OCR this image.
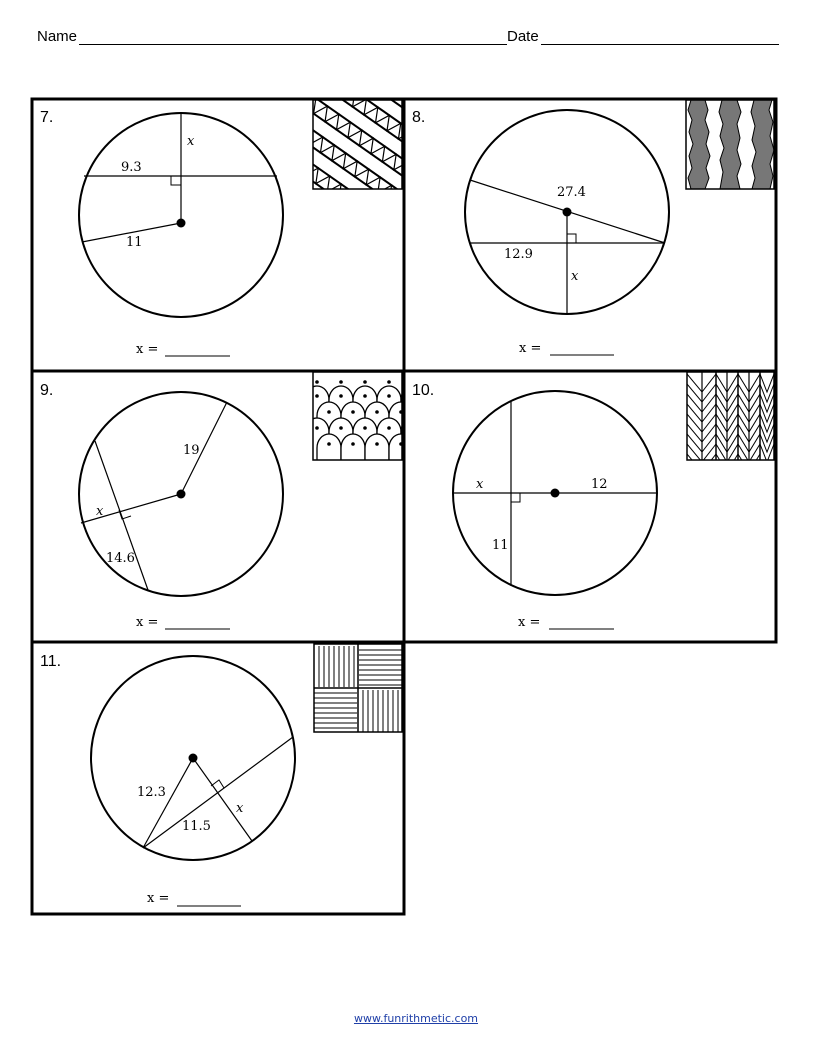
Name	Date
7.
x
9.3
11
x =
8.
27.4
12.9
x
x =
9.
19
x
14.6
x =
10.
x	12
11
x =
11.
12.3
11.5
x
x =
www.funrithmetic.com
